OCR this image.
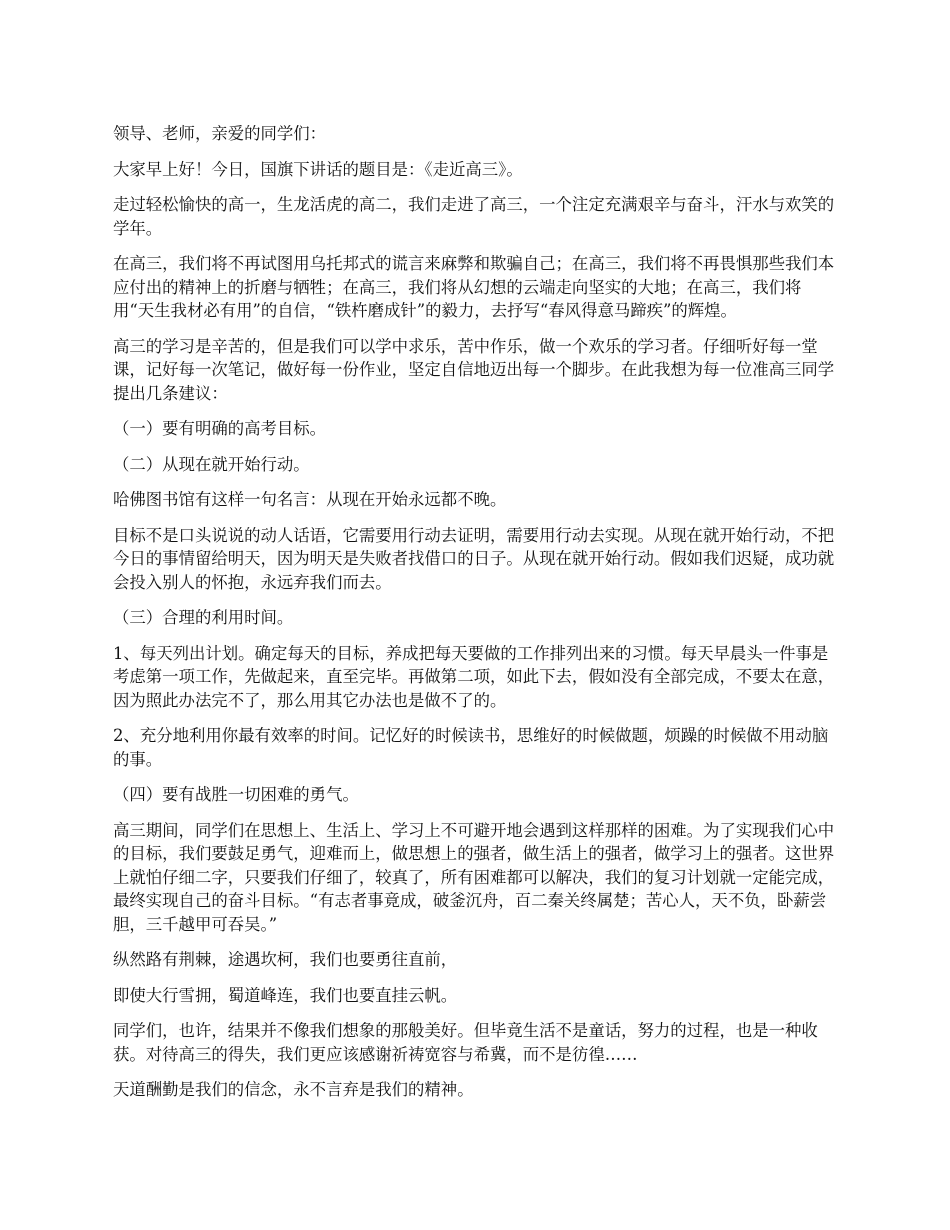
领导、老师，亲爱的同学们：

大家早上好！今日，国旗下讲话的题目是：《走近高三》。

走过轻松愉快的高一，生龙活虎的高二，我们走进了高三，一个注定充满艰辛与奋斗，汗水与欢笑的学年。

在高三，我们将不再试图用乌托邦式的谎言来麻弊和欺骗自己；在高三，我们将不再畏惧那些我们本应付出的精神上的折磨与牺牲；在高三，我们将从幻想的云端走向坚实的大地；在高三，我们将用“天生我材必有用”的自信，“铁杵磨成针”的毅力，去抒写“春风得意马蹄疾”的辉煌。

高三的学习是辛苦的，但是我们可以学中求乐，苦中作乐，做一个欢乐的学习者。仔细听好每一堂课，记好每一次笔记，做好每一份作业，坚定自信地迈出每一个脚步。在此我想为每一位准高三同学提出几条建议：

（一）要有明确的高考目标。

（二）从现在就开始行动。

哈佛图书馆有这样一句名言：从现在开始永远都不晚。

目标不是口头说说的动人话语，它需要用行动去证明，需要用行动去实现。从现在就开始行动，不把今日的事情留给明天，因为明天是失败者找借口的日子。从现在就开始行动。假如我们迟疑，成功就会投入别人的怀抱，永远弃我们而去。

（三）合理的利用时间。

1、每天列出计划。确定每天的目标，养成把每天要做的工作排列出来的习惯。每天早晨头一件事是考虑第一项工作，先做起来，直至完毕。再做第二项，如此下去，假如没有全部完成，不要太在意，因为照此办法完不了，那么用其它办法也是做不了的。

2、充分地利用你最有效率的时间。记忆好的时候读书，思维好的时候做题，烦躁的时候做不用动脑的事。

（四）要有战胜一切困难的勇气。

高三期间，同学们在思想上、生活上、学习上不可避开地会遇到这样那样的困难。为了实现我们心中的目标，我们要鼓足勇气，迎难而上，做思想上的强者，做生活上的强者，做学习上的强者。这世界上就怕仔细二字，只要我们仔细了，较真了，所有困难都可以解决，我们的复习计划就一定能完成，最终实现自己的奋斗目标。“有志者事竟成，破釜沉舟，百二秦关终属楚；苦心人，天不负，卧薪尝胆，三千越甲可吞吴。”

纵然路有荆棘，途遇坎柯，我们也要勇往直前，

即使大行雪拥，蜀道峰连，我们也要直挂云帆。

同学们，也许，结果并不像我们想象的那般美好。但毕竟生活不是童话，努力的过程，也是一种收获。对待高三的得失，我们更应该感谢祈祷宽容与希冀，而不是彷徨……

天道酬勤是我们的信念，永不言弃是我们的精神。
